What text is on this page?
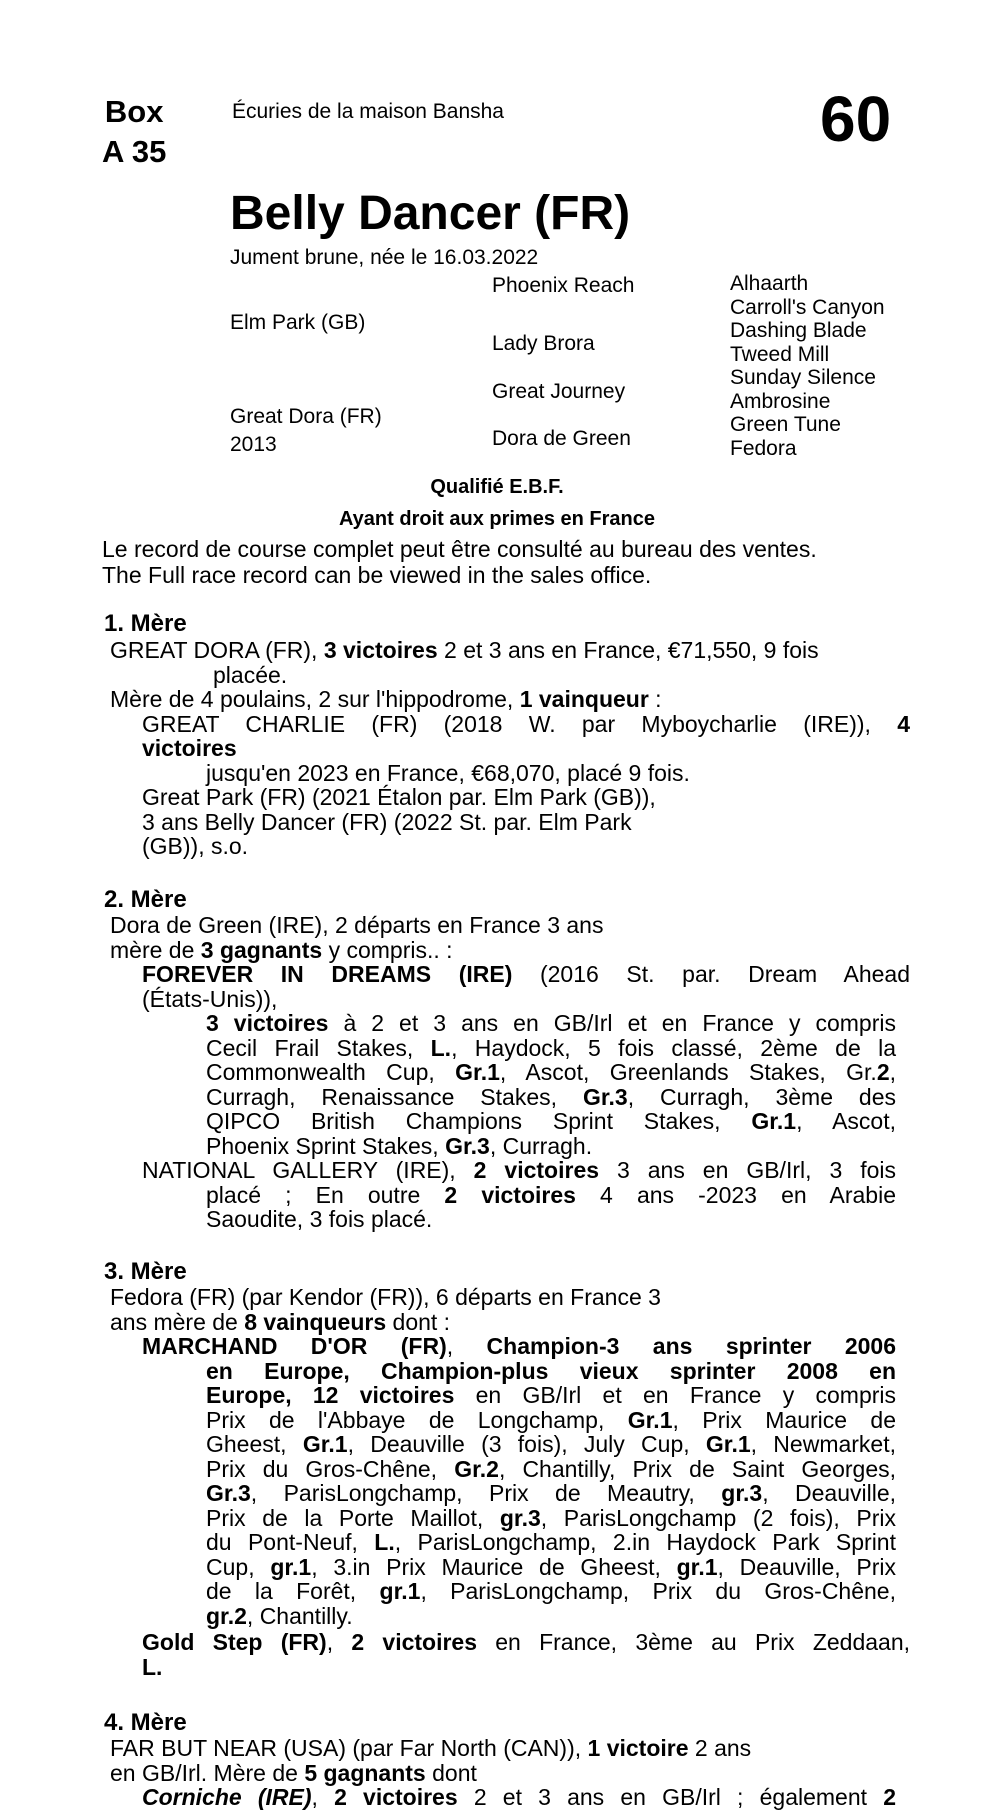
Box
A 35
Écuries de la maison Bansha	60
Belly Dancer (FR)
Jument brune, née le 16.03.2022
Elm Park (GB)
Great Dora (FR)
2013
Phoenix Reach
Lady Brora
Great Journey
Dora de Green
Alhaarth
Carroll's Canyon
Dashing Blade
Tweed Mill
Sunday Silence
Ambrosine
Green Tune
Fedora
Qualifié E.B.F.
Ayant droit aux primes en France
Le record de course complet peut être consulté au bureau des ventes.
The Full race record can be viewed in the sales office.
1. Mère
GREAT DORA (FR), 3 victoires 2 et 3 ans en France, €71,550, 9 fois
placée.
Mère de 4 poulains, 2 sur l'hippodrome, 1 vainqueur :
GREAT CHARLIE (FR) (2018 W. par Myboycharlie (IRE)), 4
victoires
jusqu'en 2023 en France, €68,070, placé 9 fois.
Great Park (FR) (2021 Étalon par. Elm Park (GB)),
3 ans Belly Dancer (FR) (2022 St. par. Elm Park
(GB)), s.o.
2. Mère
Dora de Green (IRE), 2 départs en France 3 ans
mère de 3 gagnants y compris.. :
FOREVER IN DREAMS (IRE) (2016 St. par. Dream Ahead
(États-Unis)),
3 victoires à 2 et 3 ans en GB/Irl et en France y compris
Cecil Frail Stakes, L., Haydock, 5 fois classé, 2ème de la
Commonwealth Cup, Gr.1, Ascot, Greenlands Stakes, Gr.2,
Curragh, Renaissance Stakes, Gr.3, Curragh, 3ème des
QIPCO British Champions Sprint Stakes, Gr.1, Ascot,
Phoenix Sprint Stakes, Gr.3, Curragh.
NATIONAL GALLERY (IRE), 2 victoires 3 ans en GB/Irl, 3 fois
placé ; En outre 2 victoires 4 ans -2023 en Arabie
Saoudite, 3 fois placé.
3. Mère
Fedora (FR) (par Kendor (FR)), 6 départs en France 3
ans mère de 8 vainqueurs dont :
MARCHAND D'OR (FR), Champion-3 ans sprinter 2006
en Europe, Champion-plus vieux sprinter 2008 en
Europe, 12 victoires en GB/Irl et en France y compris
Prix de l'Abbaye de Longchamp, Gr.1, Prix Maurice de
Gheest, Gr.1, Deauville (3 fois), July Cup, Gr.1, Newmarket,
Prix du Gros-Chêne, Gr.2, Chantilly, Prix de Saint Georges,
Gr.3, ParisLongchamp, Prix de Meautry, gr.3, Deauville,
Prix de la Porte Maillot, gr.3, ParisLongchamp (2 fois), Prix
du Pont-Neuf, L., ParisLongchamp, 2.in Haydock Park Sprint
Cup, gr.1, 3.in Prix Maurice de Gheest, gr.1, Deauville, Prix
de la Forêt, gr.1, ParisLongchamp, Prix du Gros-Chêne,
gr.2, Chantilly.
Gold Step (FR), 2 victoires en France, 3ème au Prix Zeddaan,
L.
4. Mère
FAR BUT NEAR (USA) (par Far North (CAN)), 1 victoire 2 ans
en GB/Irl. Mère de 5 gagnants dont
Corniche (IRE), 2 victoires 2 et 3 ans en GB/Irl ; également 2
